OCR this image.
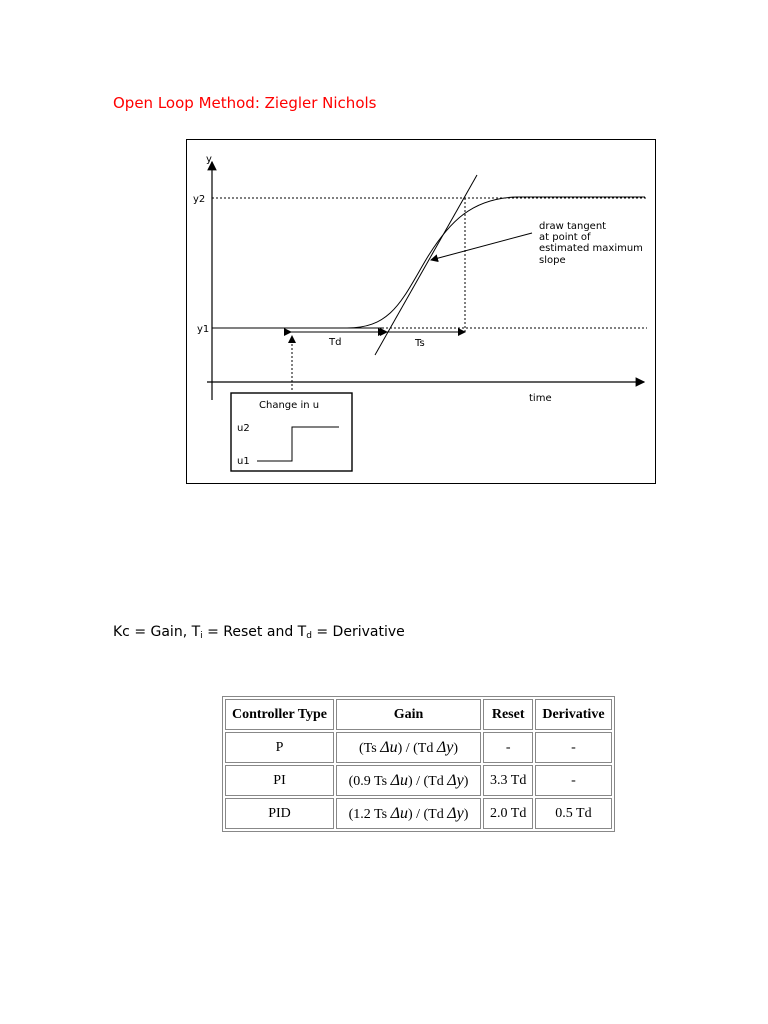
Open Loop Method: Ziegler Nichols
y
time
y2
y1
Td	Ts
draw tangent
at point of
estimated maximum
slope
Change in u
u2
u1
Kc = Gain, $T_i$ = Reset and $T_d$ = Derivative
Controller Type	Gain	Reset	Derivative
P	(Ts Δu) / (Td Δy)	-	-
PI	(0.9 Ts Δu) / (Td Δy)	3.3 Td	-
PID	(1.2 Ts Δu) / (Td Δy)	2.0 Td	0.5 Td
